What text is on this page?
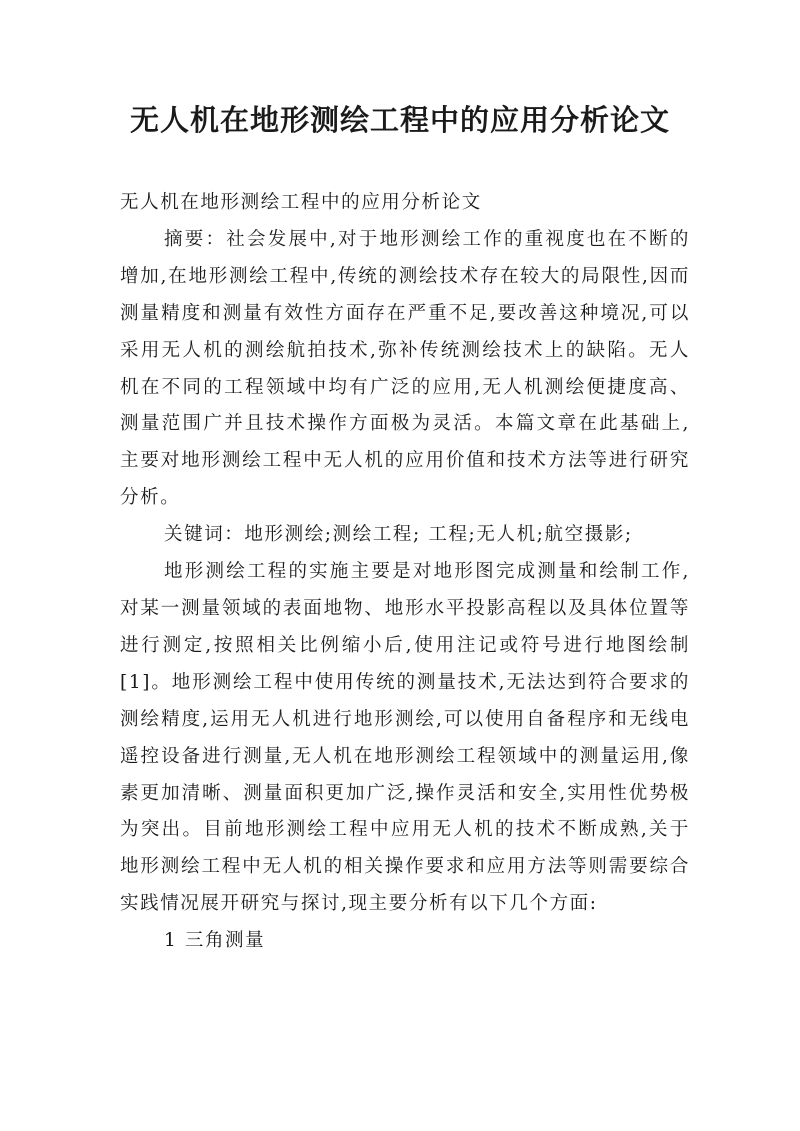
无人机在地形测绘工程中的应用分析论文

无人机在地形测绘工程中的应用分析论文

摘要：社会发展中,对于地形测绘工作的重视度也在不断的增加,在地形测绘工程中,传统的测绘技术存在较大的局限性,因而测量精度和测量有效性方面存在严重不足,要改善这种境况,可以采用无人机的测绘航拍技术,弥补传统测绘技术上的缺陷。无人机在不同的工程领域中均有广泛的应用,无人机测绘便捷度高、测量范围广并且技术操作方面极为灵活。本篇文章在此基础上,主要对地形测绘工程中无人机的应用价值和技术方法等进行研究分析。

关键词：地形测绘;测绘工程; 工程;无人机;航空摄影;

地形测绘工程的实施主要是对地形图完成测量和绘制工作,对某一测量领域的表面地物、地形水平投影高程以及具体位置等进行测定,按照相关比例缩小后,使用注记或符号进行地图绘制[1]。地形测绘工程中使用传统的测量技术,无法达到符合要求的测绘精度,运用无人机进行地形测绘,可以使用自备程序和无线电遥控设备进行测量,无人机在地形测绘工程领域中的测量运用,像素更加清晰、测量面积更加广泛,操作灵活和安全,实用性优势极为突出。目前地形测绘工程中应用无人机的技术不断成熟,关于地形测绘工程中无人机的相关操作要求和应用方法等则需要综合实践情况展开研究与探讨,现主要分析有以下几个方面:

1 三角测量
